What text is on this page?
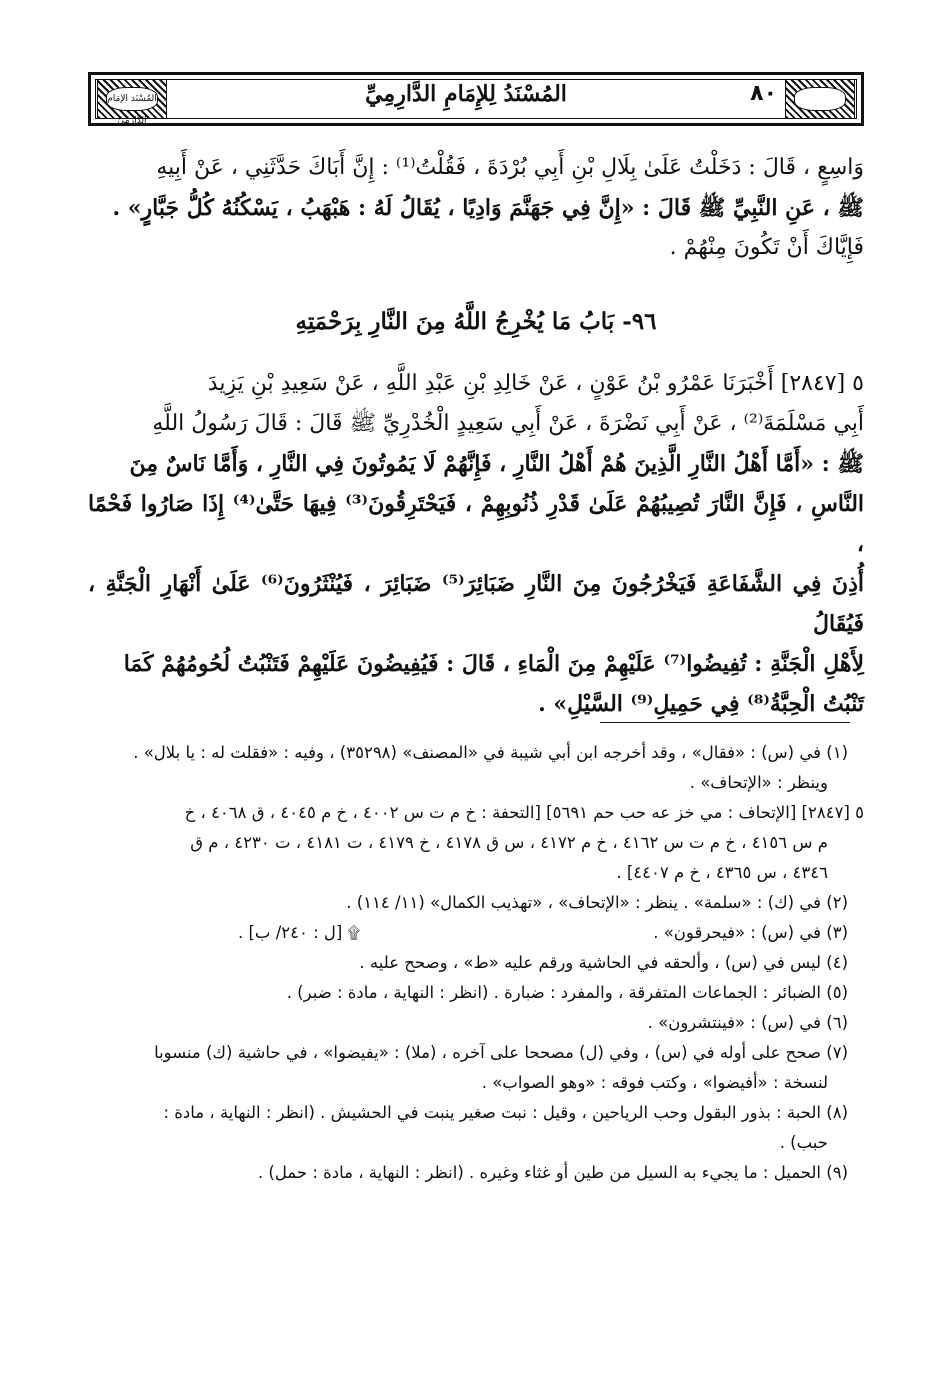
المُسْنَد الإمَام الدَّارِمِيّ
المُسْنَدُ لِلإِمَامِ الدَّارِمِيِّ	٨٠

وَاسِعٍ ، قَالَ : دَخَلْتُ عَلَىٰ بِلَالِ بْنِ أَبِي بُرْدَةَ ، فَقُلْتُ⁽¹⁾ : إِنَّ أَبَاكَ حَدَّثَنِي ، عَنْ أَبِيهِ

ﷺ ، عَنِ النَّبِيِّ ﷺ قَالَ : «إِنَّ فِي جَهَنَّمَ وَادِيًا ، يُقَالُ لَهُ : هَبْهَبُ ، يَسْكُنُهُ كُلُّ جَبَّارٍ» .

فَإِيَّاكَ أَنْ تَكُونَ مِنْهُمْ .

٩٦- بَابُ مَا يُخْرِجُ اللَّهُ مِنَ النَّارِ بِرَحْمَتِهِ

٥ [٢٨٤٧] أَخْبَرَنَا عَمْرُو بْنُ عَوْنٍ ، عَنْ خَالِدِ بْنِ عَبْدِ اللَّهِ ، عَنْ سَعِيدِ بْنِ يَزِيدَ

أَبِي مَسْلَمَةَ⁽²⁾ ، عَنْ أَبِي نَضْرَةَ ، عَنْ أَبِي سَعِيدٍ الْخُدْرِيِّ ﷺ قَالَ : قَالَ رَسُولُ اللَّهِ

ﷺ : «أَمَّا أَهْلُ النَّارِ الَّذِينَ هُمْ أَهْلُ النَّارِ ، فَإِنَّهُمْ لَا يَمُوتُونَ فِي النَّارِ ، وَأَمَّا نَاسٌ مِنَ

النَّاسِ ، فَإِنَّ النَّارَ تُصِيبُهُمْ عَلَىٰ قَدْرِ ذُنُوبِهِمْ ، فَيَحْتَرِقُونَ⁽³⁾ فِيهَا حَتَّىٰ⁽⁴⁾ إِذَا صَارُوا فَحْمًا ،

أُذِنَ فِي الشَّفَاعَةِ فَيَخْرُجُونَ مِنَ النَّارِ ضَبَائِرَ⁽⁵⁾ ضَبَائِرَ ، فَيُنْثَرُونَ⁽⁶⁾ عَلَىٰ أَنْهَارِ الْجَنَّةِ ، فَيُقَالُ

لِأَهْلِ الْجَنَّةِ : تُفِيضُوا⁽⁷⁾ عَلَيْهِمْ مِنَ الْمَاءِ ، قَالَ : فَيُفِيضُونَ عَلَيْهِمْ فَتَنْبُتُ لُحُومُهُمْ كَمَا

تَنْبُتُ الْحِبَّةُ⁽⁸⁾ فِي حَمِيلِ⁽⁹⁾ السَّيْلِ» .

(١) في (س) : «فقال» ، وقد أخرجه ابن أبي شيبة في «المصنف» (٣٥٢٩٨) ، وفيه : «فقلت له : يا بلال» .

وينظر : «الإتحاف» .

٥ [٢٨٤٧] [الإتحاف : مي خز عه حب حم ٥٦٩١] [التحفة : خ م ت س ٤٠٠٢ ، خ م ٤٠٤٥ ، ق ٤٠٦٨ ، خ

م س ٤١٥٦ ، خ م ت س ٤١٦٢ ، خ م ٤١٧٢ ، س ق ٤١٧٨ ، خ ٤١٧٩ ، ت ٤١٨١ ، ت ٤٢٣٠ ، م ق

٤٣٤٦ ، س ٤٣٦٥ ، خ م ٤٤٠٧] .

(٢) في (ك) : «سلمة» . ينظر : «الإتحاف» ، «تهذيب الكمال» (١١/ ١١٤) .

(٣) في (س) : «فيحرقون» .
۩ [ل : ٢٤٠/ ب] .

(٤) ليس في (س) ، وألحقه في الحاشية ورقم عليه «ط» ، وصحح عليه .

(٥) الضبائر : الجماعات المتفرقة ، والمفرد : ضبارة . (انظر : النهاية ، مادة : ضبر) .

(٦) في (س) : «فينتشرون» .

(٧) صحح على أوله في (س) ، وفي (ل) مصححا على آخره ، (ملا) : «يفيضوا» ، في حاشية (ك) منسوبا

لنسخة : «أفيضوا» ، وكتب فوقه : «وهو الصواب» .

(٨) الحبة : بذور البقول وحب الرياحين ، وقيل : نبت صغير ينبت في الحشيش . (انظر : النهاية ، مادة :

حبب) .

(٩) الحميل : ما يجيء به السيل من طين أو غثاء وغيره . (انظر : النهاية ، مادة : حمل) .
